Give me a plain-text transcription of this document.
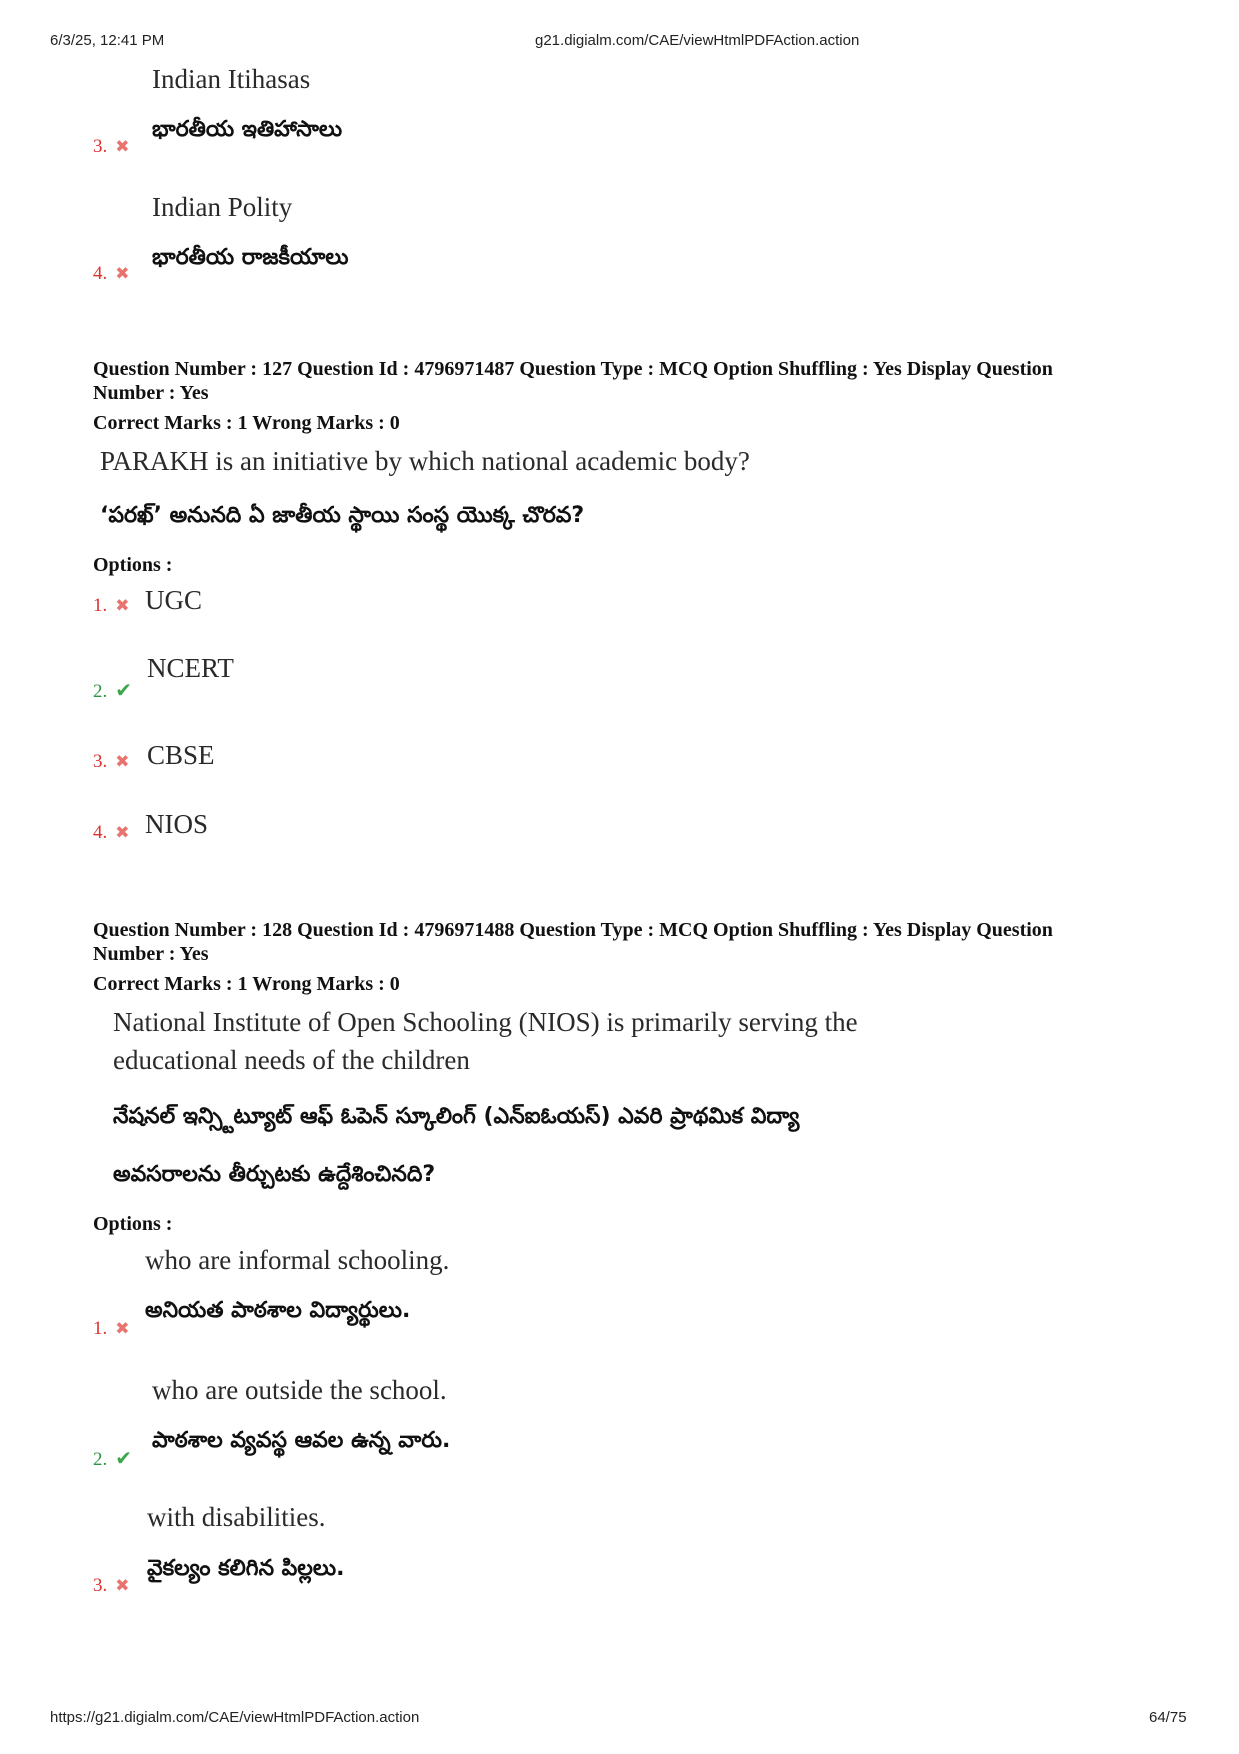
6/3/25, 12:41 PM	g21.digialm.com/CAE/viewHtmlPDFAction.action
Indian Itihasas
3. ✖
భారతీయ ఇతిహాసాలు
Indian Polity
4. ✖
భారతీయ రాజకీయాలు
Question Number : 127 Question Id : 4796971487 Question Type : MCQ Option Shuffling : Yes Display Question
Number : Yes
Correct Marks : 1 Wrong Marks : 0
PARAKH is an initiative by which national academic body?
‘పరఖ్’ అనునది ఏ జాతీయ స్థాయి సంస్థ యొక్క చొరవ?
Options :
1. ✖ UGC
2. ✔
NCERT
3. ✖ CBSE
4. ✖ NIOS
Question Number : 128 Question Id : 4796971488 Question Type : MCQ Option Shuffling : Yes Display Question
Number : Yes
Correct Marks : 1 Wrong Marks : 0
National Institute of Open Schooling (NIOS) is primarily serving the
educational needs of the children
నేషనల్ ఇన్స్టిట్యూట్ ఆఫ్ ఓపెన్ స్కూలింగ్ (ఎన్ఐఓయస్) ఎవరి ప్రాథమిక విద్యా
అవసరాలను తీర్చుటకు ఉద్దేశించినది?
Options :
who are informal schooling.
1. ✖
అనియత పాఠశాల విద్యార్థులు.
who are outside the school.
2. ✔
పాఠశాల వ్యవస్థ ఆవల ఉన్న వారు.
with disabilities.
3. ✖
వైకల్యం కలిగిన పిల్లలు.
https://g21.digialm.com/CAE/viewHtmlPDFAction.action	64/75
